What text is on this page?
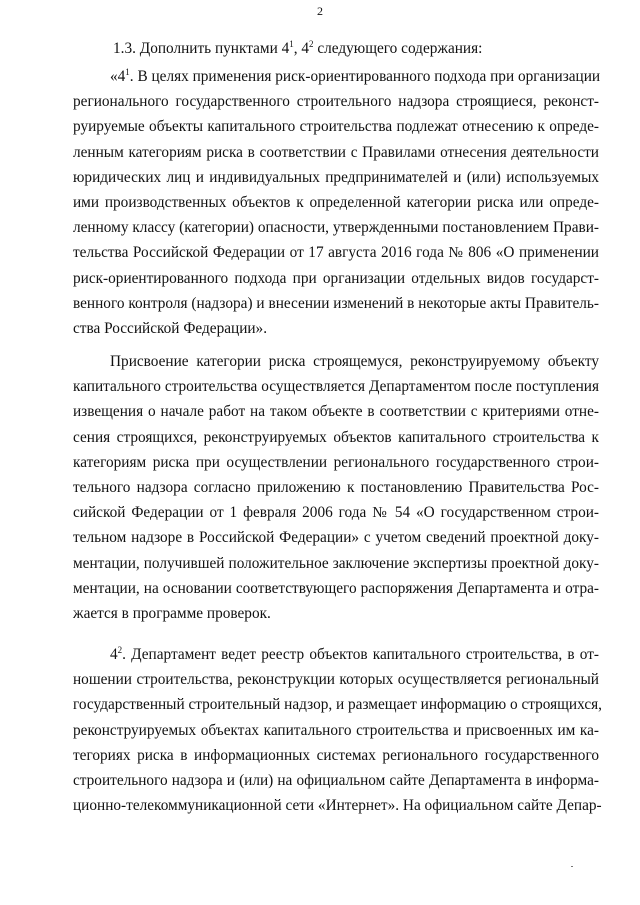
2
1.3. Дополнить пунктами $4^1$, $4^2$ следующего содержания:
«$4^1$. В целях применения риск-ориентированного подхода при организации
регионального государственного строительного надзора строящиеся, реконст-
руируемые объекты капитального строительства подлежат отнесению к опреде-
ленным категориям риска в соответствии с Правилами отнесения деятельности
юридических лиц и индивидуальных предпринимателей и (или) используемых
ими производственных объектов к определенной категории риска или опреде-
ленному классу (категории) опасности, утвержденными постановлением Прави-
тельства Российской Федерации от 17 августа 2016 года № 806 «О применении
риск-ориентированного подхода при организации отдельных видов государст-
венного контроля (надзора) и внесении изменений в некоторые акты Правитель-
ства Российской Федерации».
Присвоение категории риска строящемуся, реконструируемому объекту
капитального строительства осуществляется Департаментом после поступления
извещения о начале работ на таком объекте в соответствии с критериями отне-
сения строящихся, реконструируемых объектов капитального строительства к
категориям риска при осуществлении регионального государственного строи-
тельного надзора согласно приложению к постановлению Правительства Рос-
сийской Федерации от 1 февраля 2006 года № 54 «О государственном строи-
тельном надзоре в Российской Федерации» с учетом сведений проектной доку-
ментации, получившей положительное заключение экспертизы проектной доку-
ментации, на основании соответствующего распоряжения Департамента и отра-
жается в программе проверок.
$4^2$. Департамент ведет реестр объектов капитального строительства, в от-
ношении строительства, реконструкции которых осуществляется региональный
государственный строительный надзор, и размещает информацию о строящихся,
реконструируемых объектах капитального строительства и присвоенных им ка-
тегориях риска в информационных системах регионального государственного
строительного надзора и (или) на официальном сайте Департамента в информа-
ционно-телекоммуникационной сети «Интернет». На официальном сайте Депар-
